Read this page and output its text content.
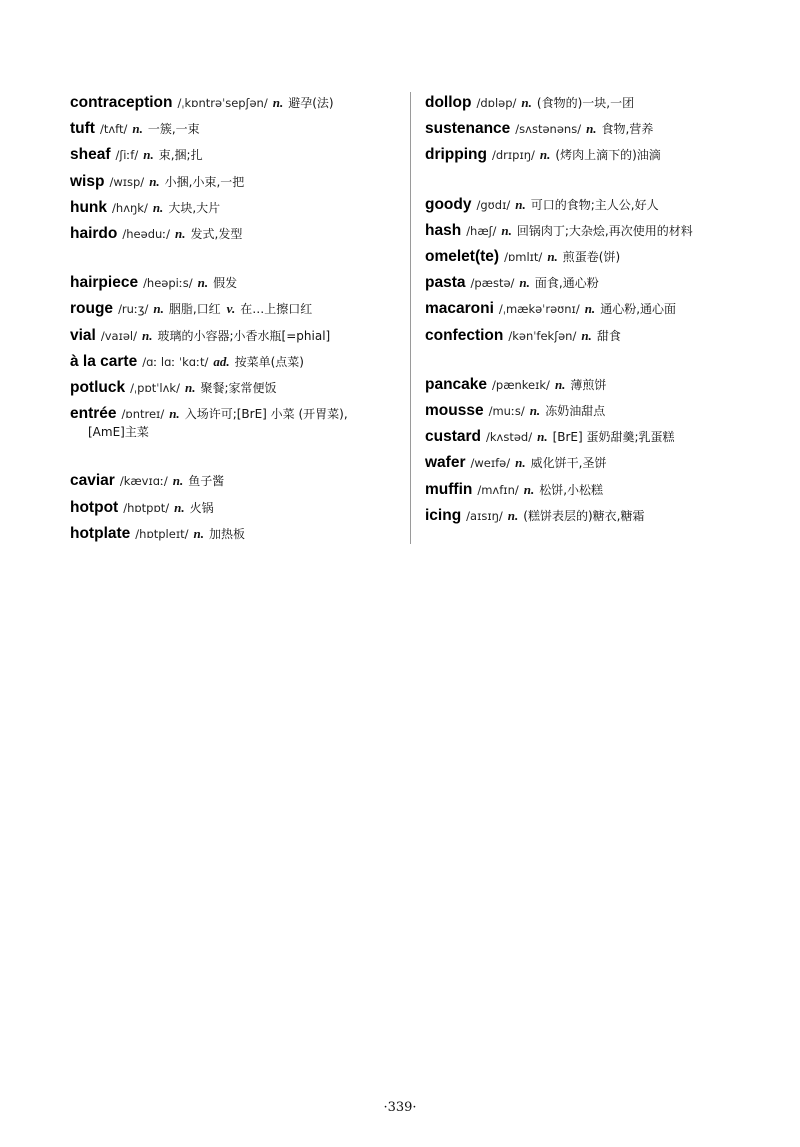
contraception /ˌkɒntrəˈsepʃən/ n. 避孕(法)
tuft /tʌft/ n. 一簇,一束
sheaf /ʃiːf/ n. 束,捆;扎
wisp /wɪsp/ n. 小捆,小束,一把
hunk /hʌŋk/ n. 大块,大片
hairdo /heəduː/ n. 发式,发型
hairpiece /heəpiːs/ n. 假发
rouge /ruːʒ/ n. 胭脂,口红 v. 在…上擦口红
vial /vaɪəl/ n. 玻璃的小容器;小香水瓶[=phial]
à la carte /ɑː lɑː ˈkɑːt/ ad. 按菜单(点菜)
potluck /ˌpɒtˈlʌk/ n. 聚餐;家常便饭
entrée /ɒntreɪ/ n. 入场许可;[BrE] 小菜 (开胃菜),
[AmE]主菜
caviar /kævɪɑː/ n. 鱼子酱
hotpot /hɒtpɒt/ n. 火锅
hotplate /hɒtpleɪt/ n. 加热板
dollop /dɒləp/ n. (食物的)一块,一团
sustenance /sʌstənəns/ n. 食物,营养
dripping /drɪpɪŋ/ n. (烤肉上滴下的)油滴
goody /gʊdɪ/ n. 可口的食物;主人公,好人
hash /hæʃ/ n. 回锅肉丁;大杂烩,再次使用的材料
omelet(te) /ɒmlɪt/ n. 煎蛋卷(饼)
pasta /pæstə/ n. 面食,通心粉
macaroni /ˌmækəˈrəʊnɪ/ n. 通心粉,通心面
confection /kənˈfekʃən/ n. 甜食
pancake /pænkeɪk/ n. 薄煎饼
mousse /muːs/ n. 冻奶油甜点
custard /kʌstəd/ n. [BrE] 蛋奶甜羹;乳蛋糕
wafer /weɪfə/ n. 威化饼干,圣饼
muffin /mʌfɪn/ n. 松饼,小松糕
icing /aɪsɪŋ/ n. (糕饼表层的)糖衣,糖霜
·339·
